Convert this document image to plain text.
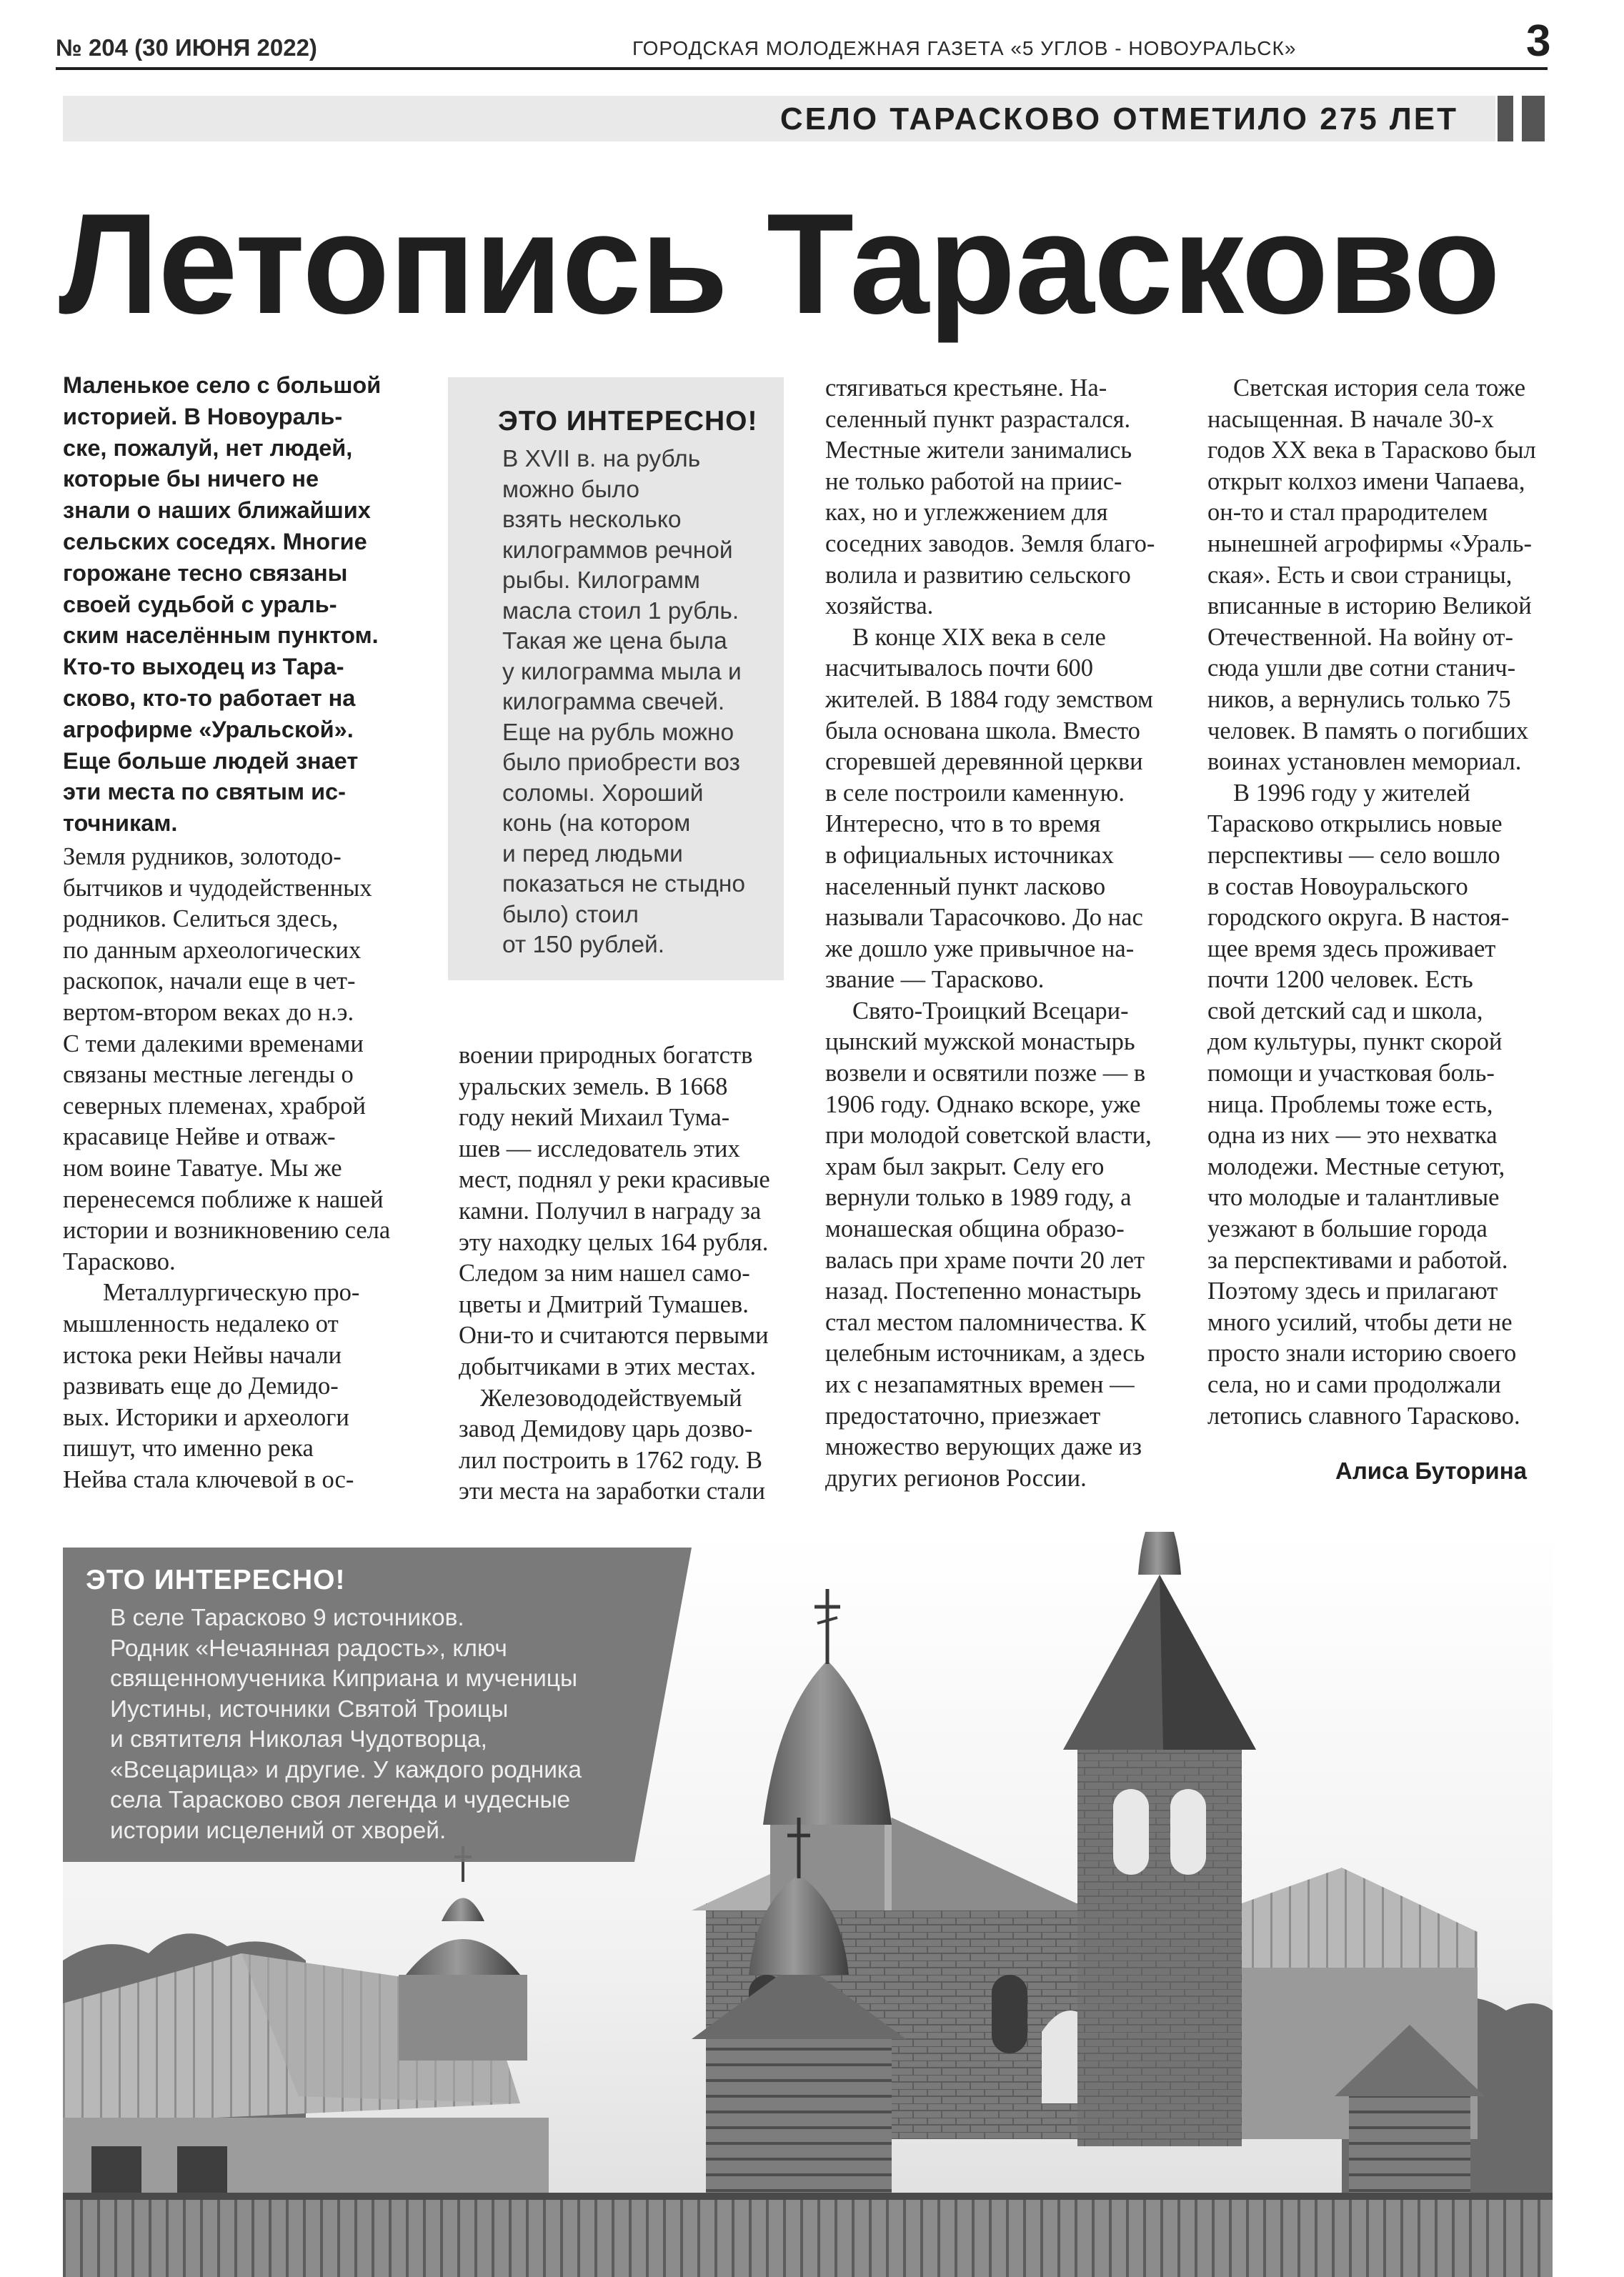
№ 204 (30 ИЮНЯ 2022)	ГОРОДСКАЯ МОЛОДЕЖНАЯ ГАЗЕТА «5 УГЛОВ - НОВОУРАЛЬСК»	3
СЕЛО ТАРАСКОВО ОТМЕТИЛО 275 ЛЕТ
Летопись Тарасково

Маленькое село с большой

историей. В Новоураль-

ске, пожалуй, нет людей,

которые бы ничего не

знали о наших ближайших

сельских соседях. Многие

горожане тесно связаны

своей судьбой с ураль-

ским населённым пунктом.

Кто-то выходец из Тара-

сково, кто-то работает на

агрофирме «Уральской».

Еще больше людей знает

эти места по святым ис-

точникам.

Земля рудников, золотодо-

бытчиков и чудодейственных

родников. Селиться здесь,

по данным археологических

раскопок, начали еще в чет-

вертом-втором веках до н.э.

С теми далекими временами

связаны местные легенды о

северных племенах, храброй

красавице Нейве и отваж-

ном воине Таватуе. Мы же

перенесемся поближе к нашей

истории и возникновению села

Тарасково.

Металлургическую про-

мышленность недалеко от

истока реки Нейвы начали

развивать еще до Демидо-

вых. Историки и археологи

пишут, что именно река

Нейва стала ключевой в ос-

ЭТО ИНТЕРЕСНО!
В XVII в. на рубль
можно было
взять несколько
килограммов речной
рыбы. Килограмм
масла стоил 1 рубль.
Такая же цена была
у килограмма мыла и
килограмма свечей.
Еще на рубль можно
было приобрести воз
соломы. Хороший
конь (на котором
и перед людьми
показаться не стыдно
было) стоил
от 150 рублей.

воении природных богатств

уральских земель. В 1668

году некий Михаил Тума-

шев — исследователь этих

мест, поднял у реки красивые

камни. Получил в награду за

эту находку целых 164 рубля.

Следом за ним нашел само-

цветы и Дмитрий Тумашев.

Они-то и считаются первыми

добытчиками в этих местах.

Железовододействуемый

завод Демидову царь дозво-

лил построить в 1762 году. В

эти места на заработки стали

стягиваться крестьяне. На-

селенный пункт разрастался.

Местные жители занимались

не только работой на приис-

ках, но и углежжением для

соседних заводов. Земля благо-

волила и развитию сельского

хозяйства.

В конце XIX века в селе

насчитывалось почти 600

жителей. В 1884 году земством

была основана школа. Вместо

сгоревшей деревянной церкви

в селе построили каменную.

Интересно, что в то время

в официальных источниках

населенный пункт ласково

называли Тарасочково. До нас

же дошло уже привычное на-

звание — Тарасково.

Свято-Троицкий Всецари-

цынский мужской монастырь

возвели и освятили позже — в

1906 году. Однако вскоре, уже

при молодой советской власти,

храм был закрыт. Селу его

вернули только в 1989 году, а

монашеская община образо-

валась при храме почти 20 лет

назад. Постепенно монастырь

стал местом паломничества. К

целебным источникам, а здесь

их с незапамятных времен —

предостаточно, приезжает

множество верующих даже из

других регионов России.

Светская история села тоже

насыщенная. В начале 30-х

годов XX века в Тарасково был

открыт колхоз имени Чапаева,

он-то и стал прародителем

нынешней агрофирмы «Ураль-

ская». Есть и свои страницы,

вписанные в историю Великой

Отечественной. На войну от-

сюда ушли две сотни станич-

ников, а вернулись только 75

человек. В память о погибших

воинах установлен мемориал.

В 1996 году у жителей

Тарасково открылись новые

перспективы — село вошло

в состав Новоуральского

городского округа. В настоя-

щее время здесь проживает

почти 1200 человек. Есть

свой детский сад и школа,

дом культуры, пункт скорой

помощи и участковая боль-

ница. Проблемы тоже есть,

одна из них — это нехватка

молодежи. Местные сетуют,

что молодые и талантливые

уезжают в большие города

за перспективами и работой.

Поэтому здесь и прилагают

много усилий, чтобы дети не

просто знали историю своего

села, но и сами продолжали

летопись славного Тарасково.

Алиса Буторина
ЭТО ИНТЕРЕСНО!
В селе Тарасково 9 источников.
Родник «Нечаянная радость», ключ
священномученика Киприана и мученицы
Иустины, источники Святой Троицы
и святителя Николая Чудотворца,
«Всецарица» и другие. У каждого родника
села Тарасково своя легенда и чудесные
истории исцелений от хворей.
